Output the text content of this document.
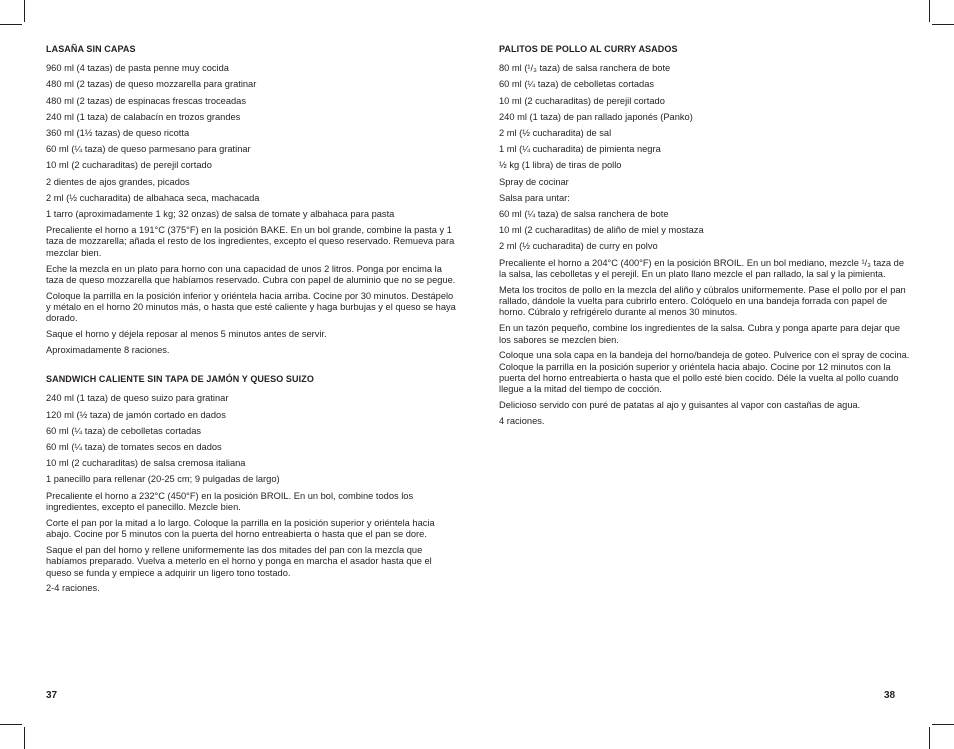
LASAÑA SIN CAPAS
960 ml (4 tazas) de pasta penne muy cocida
480 ml (2 tazas) de queso mozzarella para gratinar
480 ml (2 tazas) de espinacas frescas troceadas
240 ml (1 taza) de calabacín en trozos grandes
360 ml (1½ tazas) de queso ricotta
60 ml (¼ taza) de queso parmesano para gratinar
10 ml (2 cucharaditas) de perejil cortado
2 dientes de ajos grandes, picados
2 ml (½ cucharadita) de albahaca seca, machacada
1 tarro (aproximadamente 1 kg; 32 onzas) de salsa de tomate y albahaca para pasta
Precaliente el horno a 191°C (375°F) en la posición BAKE. En un bol grande, combine la pasta y 1 taza de mozzarella; añada el resto de los ingredientes, excepto el queso reservado. Remueva para mezclar bien.
Eche la mezcla en un plato para horno con una capacidad de unos 2 litros. Ponga por encima la taza de queso mozzarella que habíamos reservado. Cubra con papel de aluminio que no se pegue.
Coloque la parrilla en la posición inferior y oriéntela hacia arriba. Cocine por 30 minutos. Destápelo y métalo en el horno 20 minutos más, o hasta que esté caliente y haga burbujas y el queso se haya dorado.
Saque el horno y déjela reposar al menos 5 minutos antes de servir.
Aproximadamente 8 raciones.
SANDWICH CALIENTE SIN TAPA DE JAMÓN Y QUESO SUIZO
240 ml (1 taza) de queso suizo para gratinar
120 ml (½ taza) de jamón cortado en dados
60 ml (¼ taza) de cebolletas cortadas
60 ml (¼ taza) de tomates secos en dados
10 ml (2 cucharaditas) de salsa cremosa italiana
1 panecillo para rellenar (20-25 cm; 9 pulgadas de largo)
Precaliente el horno a 232°C (450°F) en la posición BROIL. En un bol, combine todos los ingredientes, excepto el panecillo. Mezcle bien.
Corte el pan por la mitad a lo largo. Coloque la parrilla en la posición superior y oriéntela hacia abajo. Cocine por 5 minutos con la puerta del horno entreabierta o hasta que el pan se dore.
Saque el pan del horno y rellene uniformemente las dos mitades del pan con la mezcla que habíamos preparado. Vuelva a meterlo en el horno y ponga en marcha el asador hasta que el queso se funda y empiece a adquirir un ligero tono tostado.
2-4 raciones.
PALITOS DE POLLO AL CURRY ASADOS
80 ml (¹/₃ taza) de salsa ranchera de bote
60 ml (¼ taza) de cebolletas cortadas
10 ml (2 cucharaditas) de perejil cortado
240 ml (1 taza) de pan rallado japonés (Panko)
2 ml (½ cucharadita) de sal
1 ml (¼ cucharadita) de pimienta negra
½ kg (1 libra) de tiras de pollo
Spray de cocinar
Salsa para untar:
60 ml (¼ taza) de salsa ranchera de bote
10 ml (2 cucharaditas) de aliño de miel y mostaza
2 ml (½ cucharadita) de curry en polvo
Precaliente el horno a 204°C (400°F) en la posición BROIL. En un bol mediano, mezcle ¹/₃ taza de la salsa, las cebolletas y el perejil. En un plato llano mezcle el pan rallado, la sal y la pimienta.
Meta los trocitos de pollo en la mezcla del aliño y cúbralos uniformemente. Pase el pollo por el pan rallado, dándole la vuelta para cubrirlo entero. Colóquelo en una bandeja forrada con papel de horno. Cúbralo y refrigérelo durante al menos 30 minutos.
En un tazón pequeño, combine los ingredientes de la salsa. Cubra y ponga aparte para dejar que los sabores se mezclen bien.
Coloque una sola capa en la bandeja del horno/bandeja de goteo. Pulverice con el spray de cocina. Coloque la parrilla en la posición superior y oriéntela hacia abajo. Cocine por 12 minutos con la puerta del horno entreabierta o hasta que el pollo esté bien cocido. Déle la vuelta al pollo cuando llegue a la mitad del tiempo de cocción.
Delicioso servido con puré de patatas al ajo y guisantes al vapor con castañas de agua.
4 raciones.
37	38
